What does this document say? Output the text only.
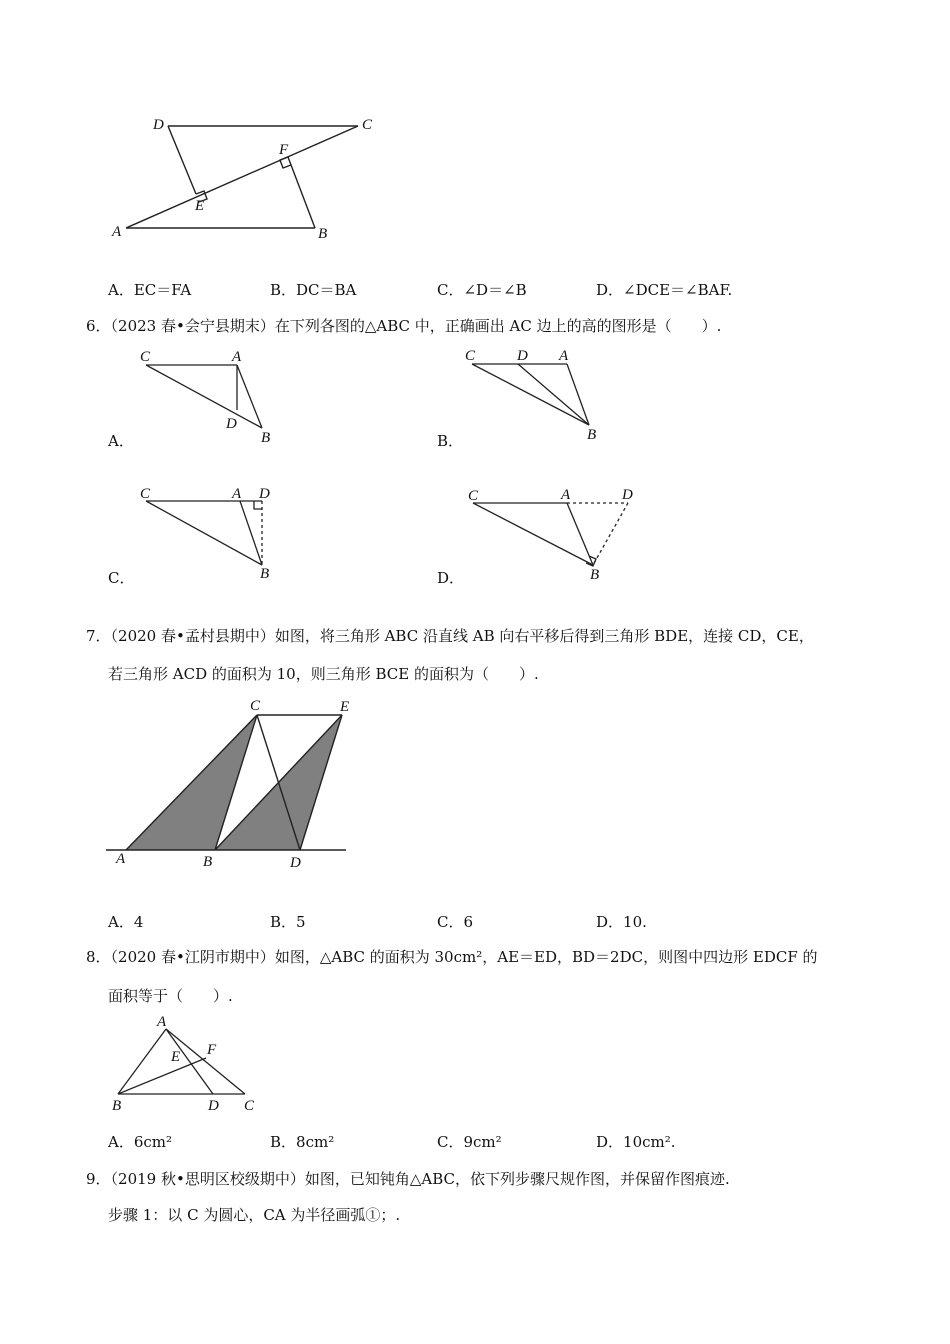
D	C
F
E
A	B
A．EC＝FA	B．DC＝BA	C．∠D＝∠B	D．∠DCE＝∠BAF.
6．（2023 春•会宁县期末）在下列各图的△ABC 中，正确画出 AC 边上的高的图形是（　　）.
C	A
D
B
A．
C	D A
B
B．
C	A D
B
C．
C	A	D
B
D．
7．（2020 春•孟村县期中）如图，将三角形 ABC 沿直线 AB 向右平移后得到三角形 BDE，连接 CD，CE，
若三角形 ACD 的面积为 10，则三角形 BCE 的面积为（　　）.
C	E
A	B	D
A．4	B．5	C．6	D．10.
8．（2020 春•江阴市期中）如图，△ABC 的面积为 30cm²，AE＝ED，BD＝2DC，则图中四边形 EDCF 的
面积等于（　　）.
A
F
E
B	D C
A．6cm²	B．8cm²	C．9cm²	D．10cm².
9．（2019 秋•思明区校级期中）如图，已知钝角△ABC，依下列步骤尺规作图，并保留作图痕迹.
步骤 1：以 C 为圆心，CA 为半径画弧①；.
